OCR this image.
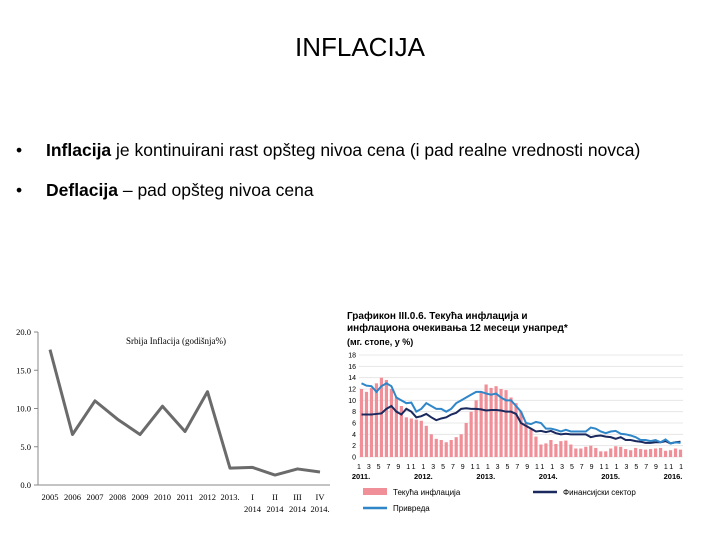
INFLACIJA
•	Inflacija je kontinuirani rast opšteg nivoa cena (i pad realne vrednosti novca)
•	Deflacija – pad opšteg nivoa cena
0.0
5.0
10.0
15.0
20.0
2005 2006 2007 2008 2009 2010 2011 2012 2013. I II III IV
2014 2014 2014 2014.
Srbija Inflacija (godišnja%)
Графикон III.0.6. Текућа инфлација и
инфлациона очекивања 12 месеци унапред*
(мг. стопе, у %)
0
2
4
6
8
10
12
14
16
18
1 3 5 7 9 11 1 3 5 7 9 11 1 3 5 7 9 11 1 3 5 7 9 11 1 3 5 7 9 11 1
2011.	2012.	2013.	2014.	2015.	2016.
Текућа инфлација	Финансијски сектор
Привреда
